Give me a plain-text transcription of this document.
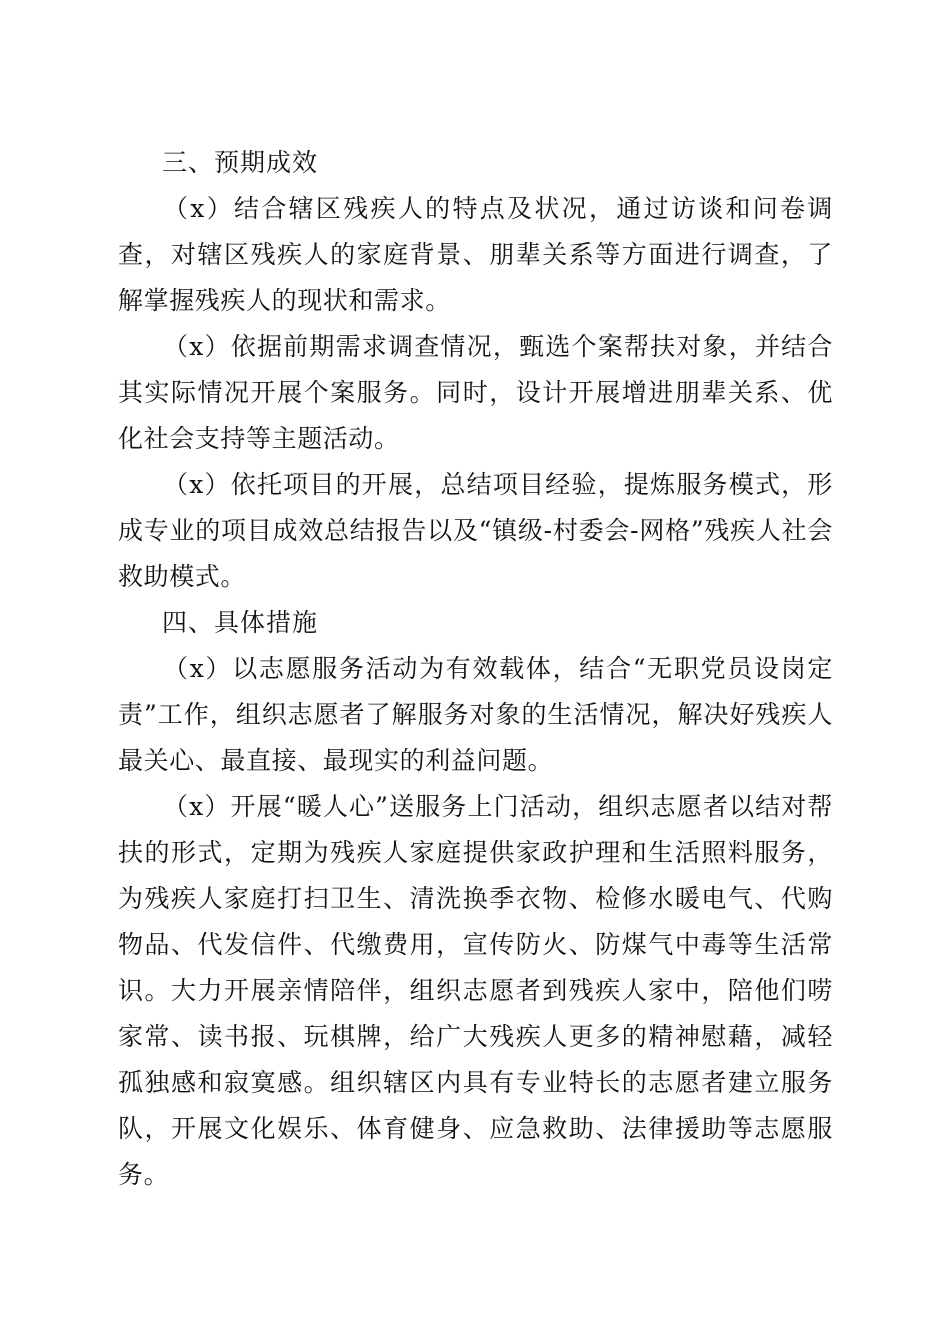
三、预期成效

（x）结合辖区残疾人的特点及状况，通过访谈和问卷调查，对辖区残疾人的家庭背景、朋辈关系等方面进行调查，了解掌握残疾人的现状和需求。

（x）依据前期需求调查情况，甄选个案帮扶对象，并结合其实际情况开展个案服务。同时，设计开展增进朋辈关系、优化社会支持等主题活动。

（x）依托项目的开展，总结项目经验，提炼服务模式，形成专业的项目成效总结报告以及“镇级-村委会-网格”残疾人社会救助模式。

四、具体措施

（x）以志愿服务活动为有效载体，结合“无职党员设岗定责”工作，组织志愿者了解服务对象的生活情况，解决好残疾人最关心、最直接、最现实的利益问题。

（x）开展“暖人心”送服务上门活动，组织志愿者以结对帮扶的形式，定期为残疾人家庭提供家政护理和生活照料服务，为残疾人家庭打扫卫生、清洗换季衣物、检修水暖电气、代购物品、代发信件、代缴费用，宣传防火、防煤气中毒等生活常识。大力开展亲情陪伴，组织志愿者到残疾人家中，陪他们唠家常、读书报、玩棋牌，给广大残疾人更多的精神慰藉，减轻孤独感和寂寞感。组织辖区内具有专业特长的志愿者建立服务队，开展文化娱乐、体育健身、应急救助、法律援助等志愿服务。
